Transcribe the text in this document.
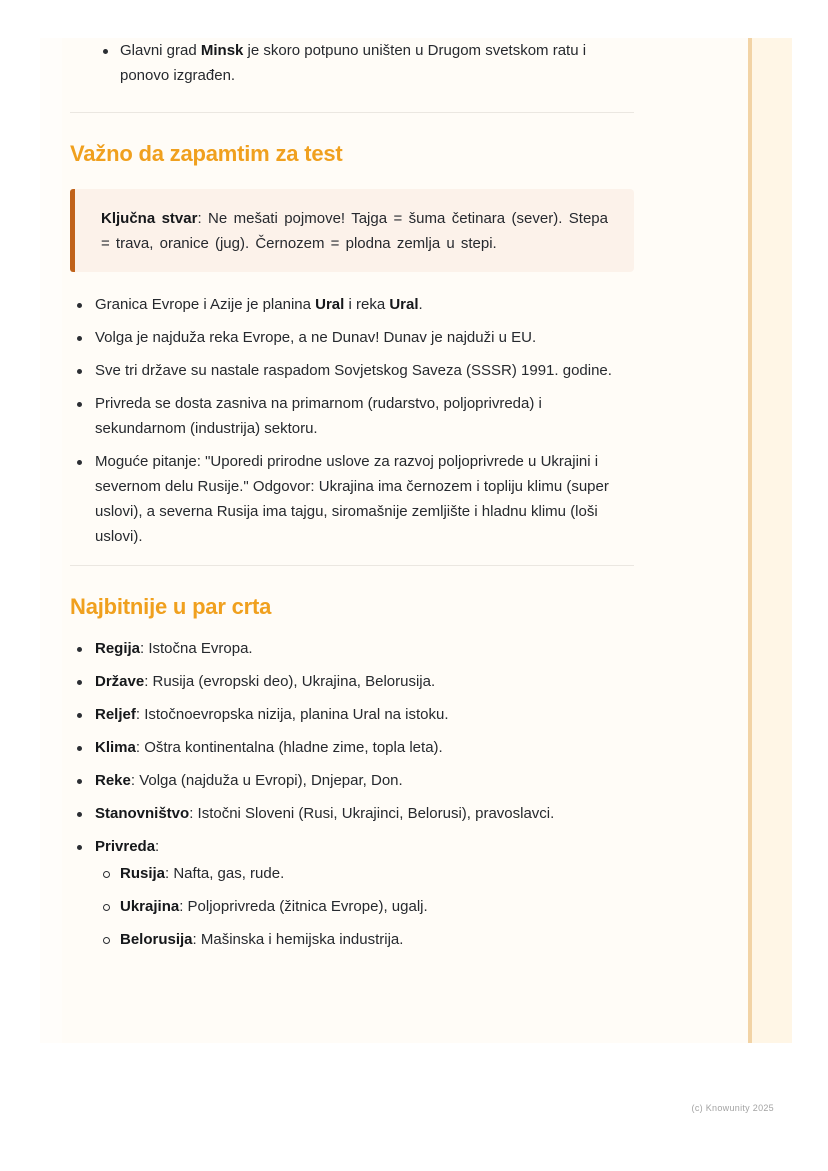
Glavni grad Minsk je skoro potpuno uništen u Drugom svetskom ratu i ponovo izgrađen.
Važno da zapamtim za test
Ključna stvar: Ne mešati pojmove! Tajga = šuma četinara (sever). Stepa = trava, oranice (jug). Černozem = plodna zemlja u stepi.
Granica Evrope i Azije je planina Ural i reka Ural.
Volga je najduža reka Evrope, a ne Dunav! Dunav je najduži u EU.
Sve tri države su nastale raspadom Sovjetskog Saveza (SSSR) 1991. godine.
Privreda se dosta zasniva na primarnom (rudarstvo, poljoprivreda) i sekundarnom (industrija) sektoru.
Moguće pitanje: "Uporedi prirodne uslove za razvoj poljoprivrede u Ukrajini i severnom delu Rusije." Odgovor: Ukrajina ima černozem i topliju klimu (super uslovi), a severna Rusija ima tajgu, siromašnije zemljište i hladnu klimu (loši uslovi).
Najbitnije u par crta
Regija: Istočna Evropa.
Države: Rusija (evropski deo), Ukrajina, Belorusija.
Reljef: Istočnoevropska nizija, planina Ural na istoku.
Klima: Oštra kontinentalna (hladne zime, topla leta).
Reke: Volga (najduža u Evropi), Dnjepar, Don.
Stanovništvo: Istočni Sloveni (Rusi, Ukrajinci, Belorusi), pravoslavci.
Privreda:
Rusija: Nafta, gas, rude.
Ukrajina: Poljoprivreda (žitnica Evrope), ugalj.
Belorusija: Mašinska i hemijska industrija.
(c) Knowunity 2025
